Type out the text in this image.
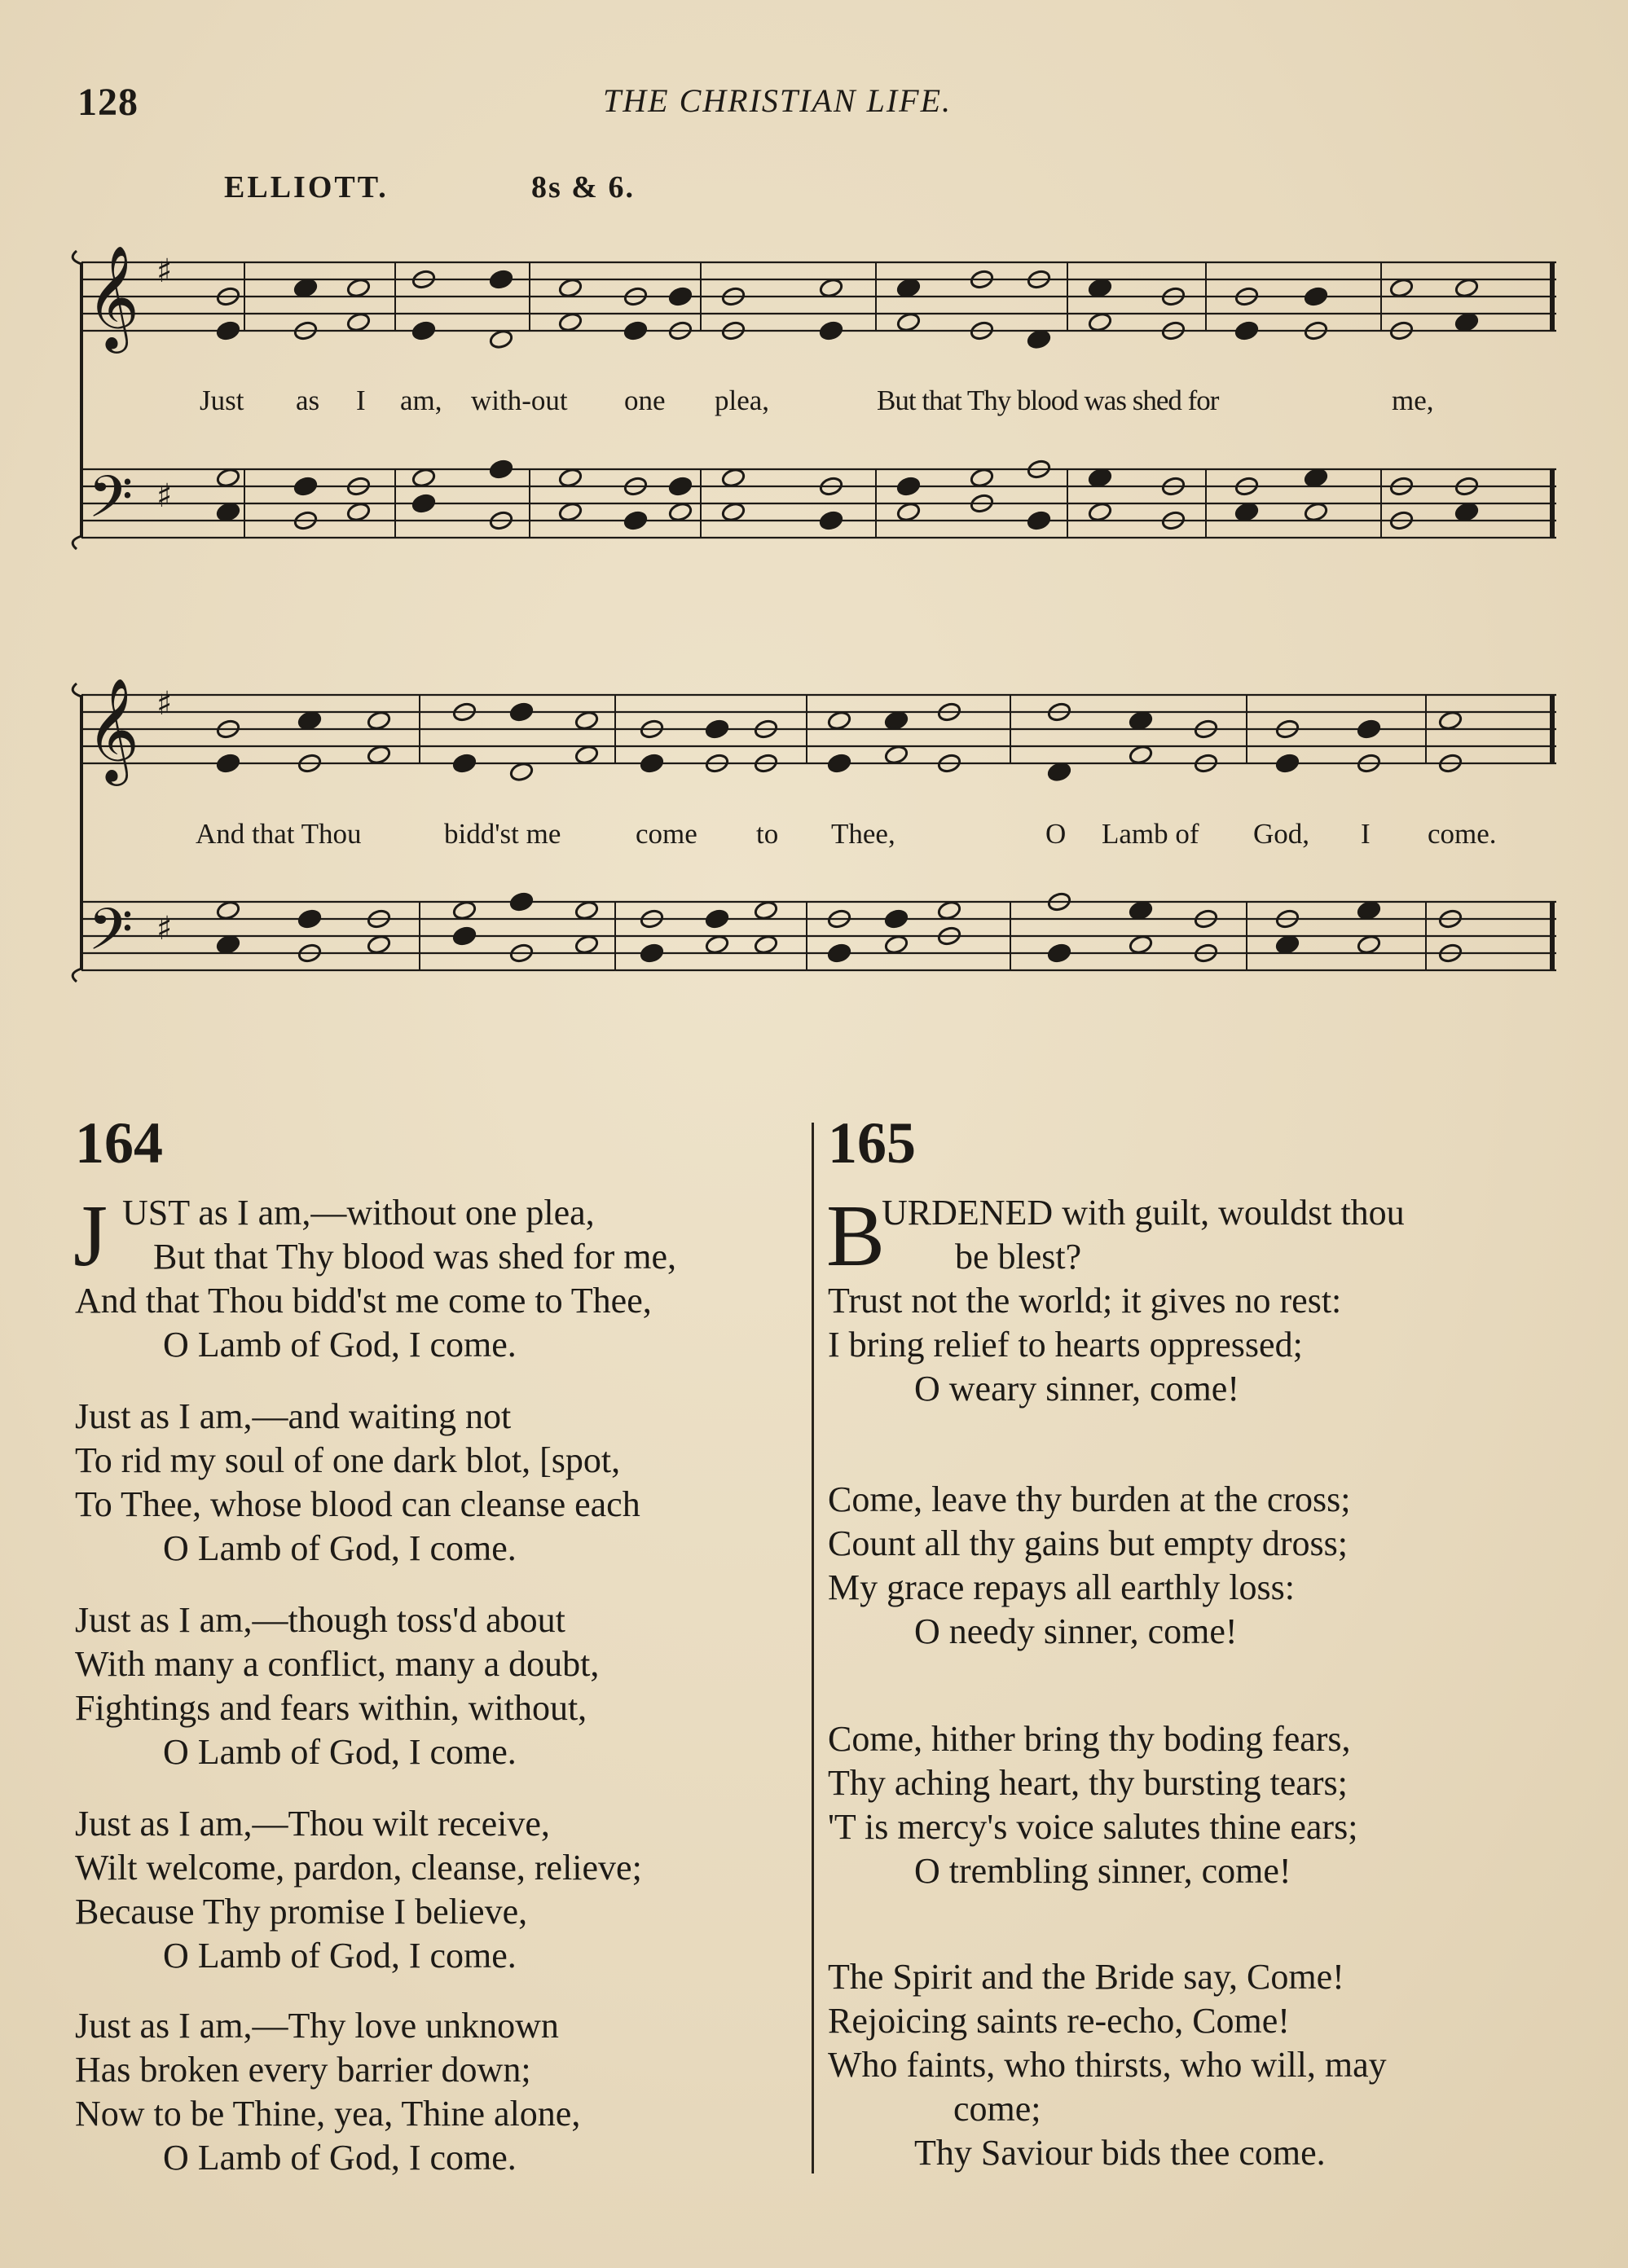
128	THE CHRISTIAN LIFE.
ELLIOTT.	8s & 6.
𝄞
𝄢
♯
♯
𝄞
𝄢
♯
♯
Just as I am, with-out one plea,	But that Thy blood was shed for	me,
And that Thou	bidd'st me	come to Thee,	O Lamb of God, I come.
164	165
J UST as I am,—without one plea,
But that Thy blood was shed for me,
And that Thou bidd'st me come to Thee,
O Lamb of God, I come.
Just as I am,—and waiting not
To rid my soul of one dark blot, [spot,
To Thee, whose blood can cleanse each
O Lamb of God, I come.
Just as I am,—though toss'd about
With many a conflict, many a doubt,
Fightings and fears within, without,
O Lamb of God, I come.
Just as I am,—Thou wilt receive,
Wilt welcome, pardon, cleanse, relieve;
Because Thy promise I believe,
O Lamb of God, I come.
Just as I am,—Thy love unknown
Has broken every barrier down;
Now to be Thine, yea, Thine alone,
O Lamb of God, I come.
B
URDENED with guilt, wouldst thou
be blest?
Trust not the world; it gives no rest:
I bring relief to hearts oppressed;
O weary sinner, come!
Come, leave thy burden at the cross;
Count all thy gains but empty dross;
My grace repays all earthly loss:
O needy sinner, come!
Come, hither bring thy boding fears,
Thy aching heart, thy bursting tears;
'T is mercy's voice salutes thine ears;
O trembling sinner, come!
The Spirit and the Bride say, Come!
Rejoicing saints re-echo, Come!
Who faints, who thirsts, who will, may
come;
Thy Saviour bids thee come.
